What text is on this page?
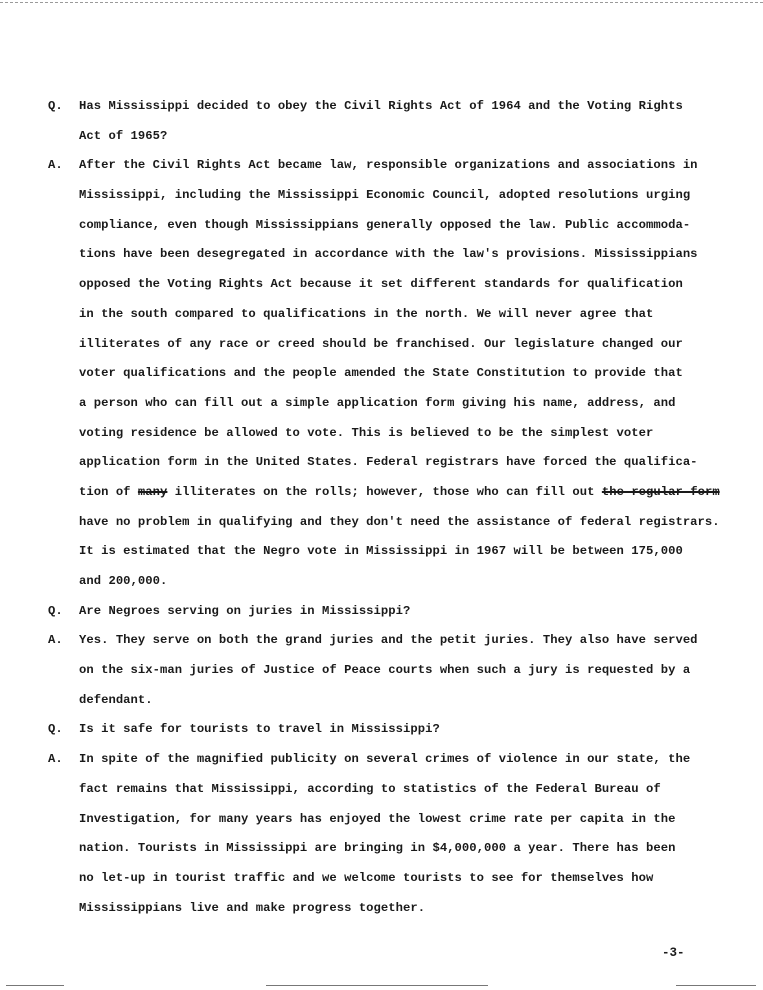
Q. Has Mississippi decided to obey the Civil Rights Act of 1964 and the Voting Rights
Act of 1965?
A. After the Civil Rights Act became law, responsible organizations and associations in
Mississippi, including the Mississippi Economic Council, adopted resolutions urging
compliance, even though Mississippians generally opposed the law. Public accommoda-
tions have been desegregated in accordance with the law's provisions. Mississippians
opposed the Voting Rights Act because it set different standards for qualification
in the south compared to qualifications in the north. We will never agree that
illiterates of any race or creed should be franchised. Our legislature changed our
voter qualifications and the people amended the State Constitution to provide that
a person who can fill out a simple application form giving his name, address, and
voting residence be allowed to vote. This is believed to be the simplest voter
application form in the United States. Federal registrars have forced the qualifica-
tion of many illiterates on the rolls; however, those who can fill out the regular form
have no problem in qualifying and they don't need the assistance of federal registrars.
It is estimated that the Negro vote in Mississippi in 1967 will be between 175,000
and 200,000.
Q. Are Negroes serving on juries in Mississippi?
A. Yes. They serve on both the grand juries and the petit juries. They also have served
on the six-man juries of Justice of Peace courts when such a jury is requested by a
defendant.
Q. Is it safe for tourists to travel in Mississippi?
A. In spite of the magnified publicity on several crimes of violence in our state, the
fact remains that Mississippi, according to statistics of the Federal Bureau of
Investigation, for many years has enjoyed the lowest crime rate per capita in the
nation. Tourists in Mississippi are bringing in $4,000,000 a year. There has been
no let-up in tourist traffic and we welcome tourists to see for themselves how
Mississippians live and make progress together.
-3-
